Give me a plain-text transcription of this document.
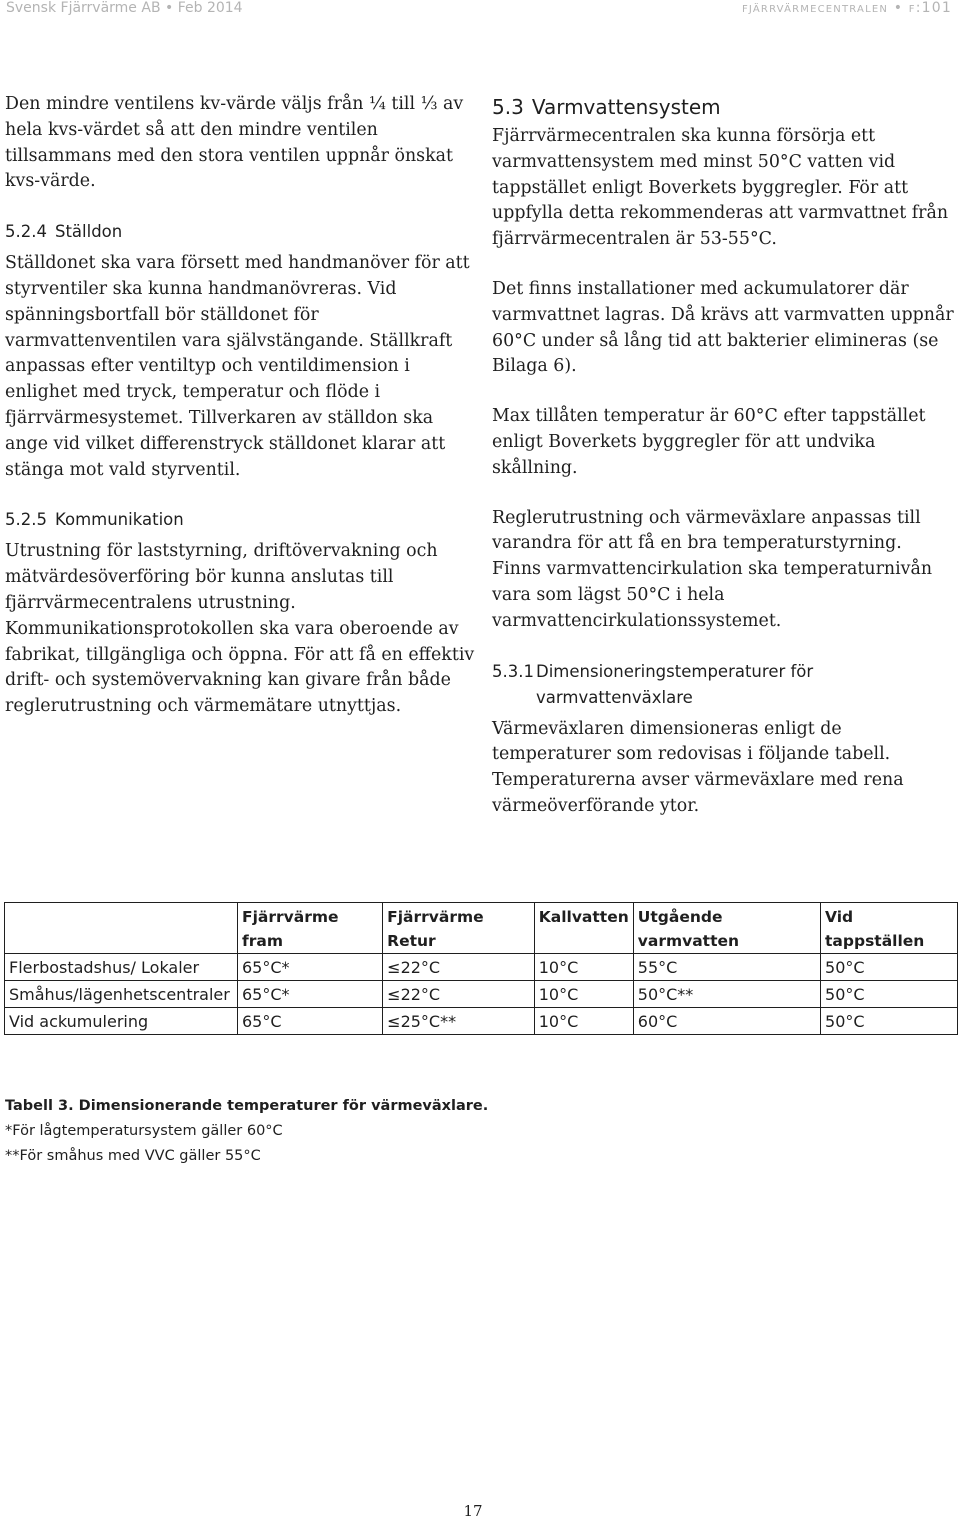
Svensk Fjärrvärme AB • Feb 2014	fjärrvärmecentralen • f:101

Den mindre ventilens kv-värde väljs från ¼ till ⅓ av hela kvs-värdet så att den mindre ventilen tillsammans med den stora ventilen uppnår önskat kvs-värde.

5.2.4 Ställdon

Ställdonet ska vara försett med handmanöver för att styrventiler ska kunna handmanövreras. Vid spänningsbortfall bör ställdonet för varmvattenventilen vara självstängande. Ställkraft anpassas efter ventiltyp och ventildimension i enlighet med tryck, temperatur och flöde i fjärrvärmesystemet. Tillverkaren av ställdon ska ange vid vilket differenstryck ställdonet klarar att stänga mot vald styrventil.

5.2.5 Kommunikation

Utrustning för laststyrning, driftövervakning och mätvärdesöverföring bör kunna anslutas till fjärrvärmecentralens utrustning. Kommunikationsprotokollen ska vara oberoende av fabrikat, tillgängliga och öppna. För att få en effektiv drift- och systemövervakning kan givare från både reglerutrustning och värmemätare utnyttjas.

5.3 Varmvattensystem

Fjärrvärmecentralen ska kunna försörja ett varmvattensystem med minst 50°C vatten vid tappstället enligt Boverkets byggregler. För att uppfylla detta rekommenderas att varmvattnet från fjärrvärmecentralen är 53-55°C.

Det finns installationer med ackumulatorer där varmvattnet lagras. Då krävs att varmvatten uppnår 60°C under så lång tid att bakterier elimineras (se Bilaga 6).

Max tillåten temperatur är 60°C efter tappstället enligt Boverkets byggregler för att undvika skållning.

Reglerutrustning och värmeväxlare anpassas till varandra för att få en bra temperaturstyrning. Finns varmvattencirkulation ska temperaturnivån vara som lägst 50°C i hela varmvattencirkulationssystemet.

5.3.1 Dimensioneringstemperaturer för varmvattenväxlare

Värmeväxlaren dimensioneras enligt de temperaturer som redovisas i följande tabell. Temperaturerna avser värmeväxlare med rena värmeöverförande ytor.

	Fjärrvärme fram	Fjärrvärme Retur	Kallvatten	Utgående varmvatten	Vid tappställen
Flerbostadshus/ Lokaler	65°C*	≤22°C	10°C	55°C	50°C
Småhus/lägenhetscentraler	65°C*	≤22°C	10°C	50°C**	50°C
Vid ackumulering	65°C	≤25°C**	10°C	60°C	50°C
Tabell 3. Dimensionerande temperaturer för värmeväxlare.
*För lågtemperatursystem gäller 60°C
**För småhus med VVC gäller 55°C
17
